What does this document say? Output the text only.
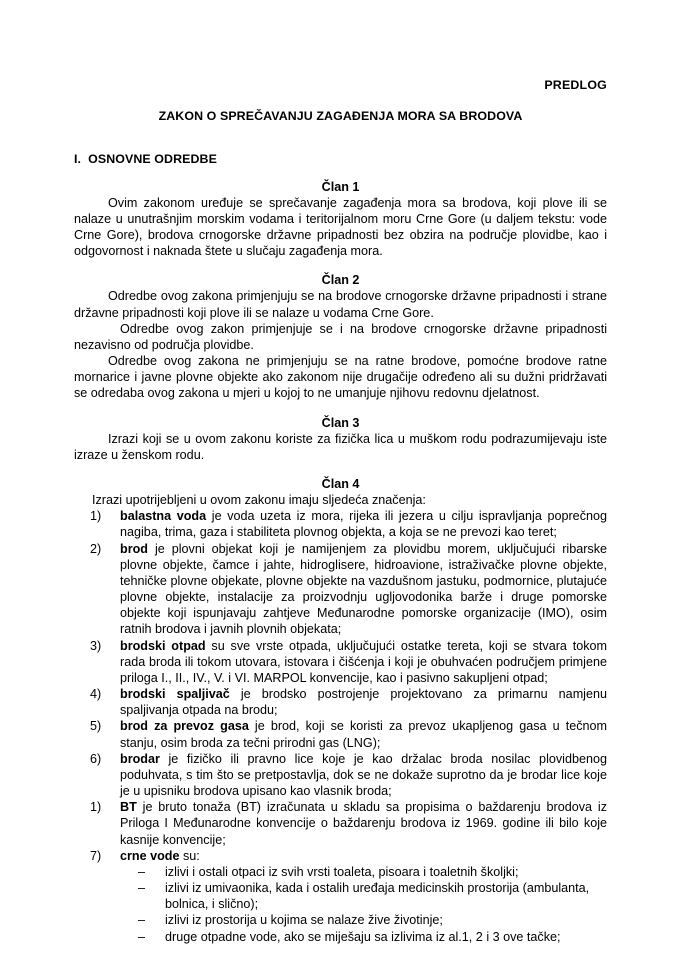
PREDLOG
ZAKON O SPREČAVANJU ZAGAĐENJA MORA SA BRODOVA
I. OSNOVNE ODREDBE
Član 1

Ovim zakonom uređuje se sprečavanje zagađenja mora sa brodova, koji plove ili se nalaze u unutrašnjim morskim vodama i teritorijalnom moru Crne Gore (u daljem tekstu: vode Crne Gore), brodova crnogorske državne pripadnosti bez obzira na područje plovidbe, kao i odgovornost i naknada štete u slučaju zagađenja mora.

Član 2

Odredbe ovog zakona primjenjuju se na brodove crnogorske državne pripadnosti i strane državne pripadnosti koji plove ili se nalaze u vodama Crne Gore.

Odredbe ovog zakon primjenjuje se i na brodove crnogorske državne pripadnosti nezavisno od područja plovidbe.

Odredbe ovog zakona ne primjenjuju se na ratne brodove, pomoćne brodove ratne mornarice i javne plovne objekte ako zakonom nije drugačije određeno ali su dužni pridržavati se odredaba ovog zakona u mjeri u kojoj to ne umanjuje njihovu redovnu djelatnost.

Član 3

Izrazi koji se u ovom zakonu koriste za fizička lica u muškom rodu podrazumijevaju iste izraze u ženskom rodu.

Član 4

Izrazi upotrijebljeni u ovom zakonu imaju sljedeća značenja:

1)	balastna voda je voda uzeta iz mora, rijeka ili jezera u cilju ispravljanja poprečnog nagiba, trima, gaza i stabiliteta plovnog objekta, a koja se ne prevozi kao teret;
2)	brod je plovni objekat koji je namijenjem za plovidbu morem, uključujući ribarske plovne objekte, čamce i jahte, hidroglisere, hidroavione, istraživačke plovne objekte, tehničke plovne objekate, plovne objekte na vazdušnom jastuku, podmornice, plutajuće plovne objekte, instalacije za proizvodnju ugljovodonika barže i druge pomorske objekte koji ispunjavaju zahtjeve Međunarodne pomorske organizacije (IMO), osim ratnih brodova i javnih plovnih objekata;
3)	brodski otpad su sve vrste otpada, uključujući ostatke tereta, koji se stvara tokom rada broda ili tokom utovara, istovara i čišćenja i koji je obuhvaćen područjem primjene priloga I., II., IV., V. i VI. MARPOL konvencije, kao i pasivno sakupljeni otpad;
4)	brodski spaljivač je brodsko postrojenje projektovano za primarnu namjenu spaljivanja otpada na brodu;
5)	brod za prevoz gasa je brod, koji se koristi za prevoz ukapljenog gasa u tečnom stanju, osim broda za tečni prirodni gas (LNG);
6)	brodar je fizičko ili pravno lice koje je kao držalac broda nosilac plovidbenog poduhvata, s tim što se pretpostavlja, dok se ne dokaže suprotno da je brodar lice koje je u upisniku brodova upisano kao vlasnik broda;
1)	BT je bruto tonaža (BT) izračunata u skladu sa propisima o baždarenju brodova iz Priloga I Međunarodne konvencije o baždarenju brodova iz 1969. godine ili bilo koje kasnije konvencije;
7)	crne vode su:
– izlivi i ostali otpaci iz svih vrsti toaleta, pisoara i toaletnih školjki;
– izlivi iz umivaonika, kada i ostalih uređaja medicinskih prostorija (ambulanta, bolnica, i slično);
– izlivi iz prostorija u kojima se nalaze žive životinje;
– druge otpadne vode, ako se miješaju sa izlivima iz al.1, 2 i 3 ove tačke;
